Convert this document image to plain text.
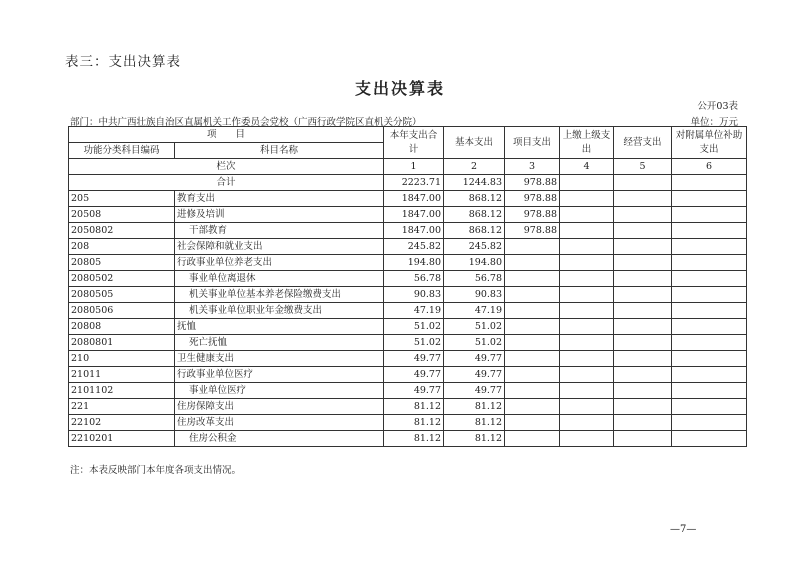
表三：支出决算表
支出决算表
公开03表
部门：中共广西壮族自治区直属机关工作委员会党校（广西行政学院区直机关分院）	单位：万元
项　　目		本年支出合计	基本支出	项目支出	上缴上级支出	经营支出	对附属单位补助支出
功能分类科目编码	科目名称						
栏次		1	2	3	4	5	6
合计		2223.71	1244.83	978.88			
205	教育支出	1847.00	868.12	978.88			
20508	进修及培训	1847.00	868.12	978.88			
2050802	干部教育	1847.00	868.12	978.88			
208	社会保障和就业支出	245.82	245.82				
20805	行政事业单位养老支出	194.80	194.80				
2080502	事业单位离退休	56.78	56.78				
2080505	机关事业单位基本养老保险缴费支出	90.83	90.83				
2080506	机关事业单位职业年金缴费支出	47.19	47.19				
20808	抚恤	51.02	51.02				
2080801	死亡抚恤	51.02	51.02				
210	卫生健康支出	49.77	49.77				
21011	行政事业单位医疗	49.77	49.77				
2101102	事业单位医疗	49.77	49.77				
221	住房保障支出	81.12	81.12				
22102	住房改革支出	81.12	81.12				
2210201	住房公积金	81.12	81.12				
注：本表反映部门本年度各项支出情况。
—7—
